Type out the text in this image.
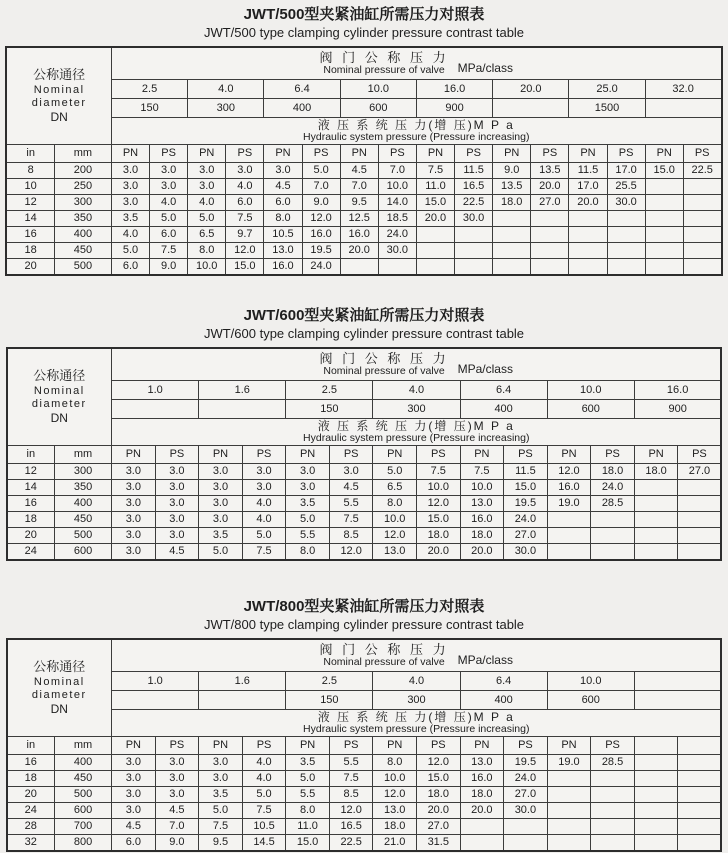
JWT/500型夹紧油缸所需压力对照表
JWT/500 type clamping cylinder pressure contrast table
公称通径
Nominal
diameter
DN

阀 门 公 称 压 力
Nominal pressure of valve	MPa/class

		2.5		4.0		6.4		10.0		16.0		20.0		25.0		32.0	
		150		300		400		600		900				1500			

		液 压 系 统 压 力(增 压)M P a
Hydraulic system pressure (Pressure increasing)															

in	mm	PN	PS	PN	PS	PN	PS	PN	PS	PN	PS	PN	PS	PN	PS	PN	PS
8	200	3.0	3.0	3.0	3.0	3.0	5.0	4.5	7.0	7.5	11.5	9.0	13.5	11.5	17.0	15.0	22.5
10	250	3.0	3.0	3.0	4.0	4.5	7.0	7.0	10.0	11.0	16.5	13.5	20.0	17.0	25.5		
12	300	3.0	4.0	4.0	6.0	6.0	9.0	9.5	14.0	15.0	22.5	18.0	27.0	20.0	30.0		
14	350	3.5	5.0	5.0	7.5	8.0	12.0	12.5	18.5	20.0	30.0						
16	400	4.0	6.0	6.5	9.7	10.5	16.0	16.0	24.0								
18	450	5.0	7.5	8.0	12.0	13.0	19.5	20.0	30.0								
20	500	6.0	9.0	10.0	15.0	16.0	24.0										
JWT/600型夹紧油缸所需压力对照表
JWT/600 type clamping cylinder pressure contrast table
公称通径
Nominal
diameter
DN

阀 门 公 称 压 力
Nominal pressure of valve	MPa/class

		1.0		1.6		2.5		4.0		6.4		10.0		16.0	
						150		300		400		600		900	

		液 压 系 统 压 力(增 压)M P a
Hydraulic system pressure (Pressure increasing)													

in	mm	PN	PS	PN	PS	PN	PS	PN	PS	PN	PS	PN	PS	PN	PS
12	300	3.0	3.0	3.0	3.0	3.0	3.0	5.0	7.5	7.5	11.5	12.0	18.0	18.0	27.0
14	350	3.0	3.0	3.0	3.0	3.0	4.5	6.5	10.0	10.0	15.0	16.0	24.0		
16	400	3.0	3.0	3.0	4.0	3.5	5.5	8.0	12.0	13.0	19.5	19.0	28.5		
18	450	3.0	3.0	3.0	4.0	5.0	7.5	10.0	15.0	16.0	24.0				
20	500	3.0	3.0	3.5	5.0	5.5	8.5	12.0	18.0	18.0	27.0				
24	600	3.0	4.5	5.0	7.5	8.0	12.0	13.0	20.0	20.0	30.0				
JWT/800型夹紧油缸所需压力对照表
JWT/800 type clamping cylinder pressure contrast table
公称通径
Nominal
diameter
DN

阀 门 公 称 压 力
Nominal pressure of valve	MPa/class

		1.0		1.6		2.5		4.0		6.4		10.0			
						150		300		400		600			

		液 压 系 统 压 力(增 压)M P a
Hydraulic system pressure (Pressure increasing)													

in	mm	PN	PS	PN	PS	PN	PS	PN	PS	PN	PS	PN	PS		
16	400	3.0	3.0	3.0	4.0	3.5	5.5	8.0	12.0	13.0	19.5	19.0	28.5		
18	450	3.0	3.0	3.0	4.0	5.0	7.5	10.0	15.0	16.0	24.0				
20	500	3.0	3.0	3.5	5.0	5.5	8.5	12.0	18.0	18.0	27.0				
24	600	3.0	4.5	5.0	7.5	8.0	12.0	13.0	20.0	20.0	30.0				
28	700	4.5	7.0	7.5	10.5	11.0	16.5	18.0	27.0						
32	800	6.0	9.0	9.5	14.5	15.0	22.5	21.0	31.5						
